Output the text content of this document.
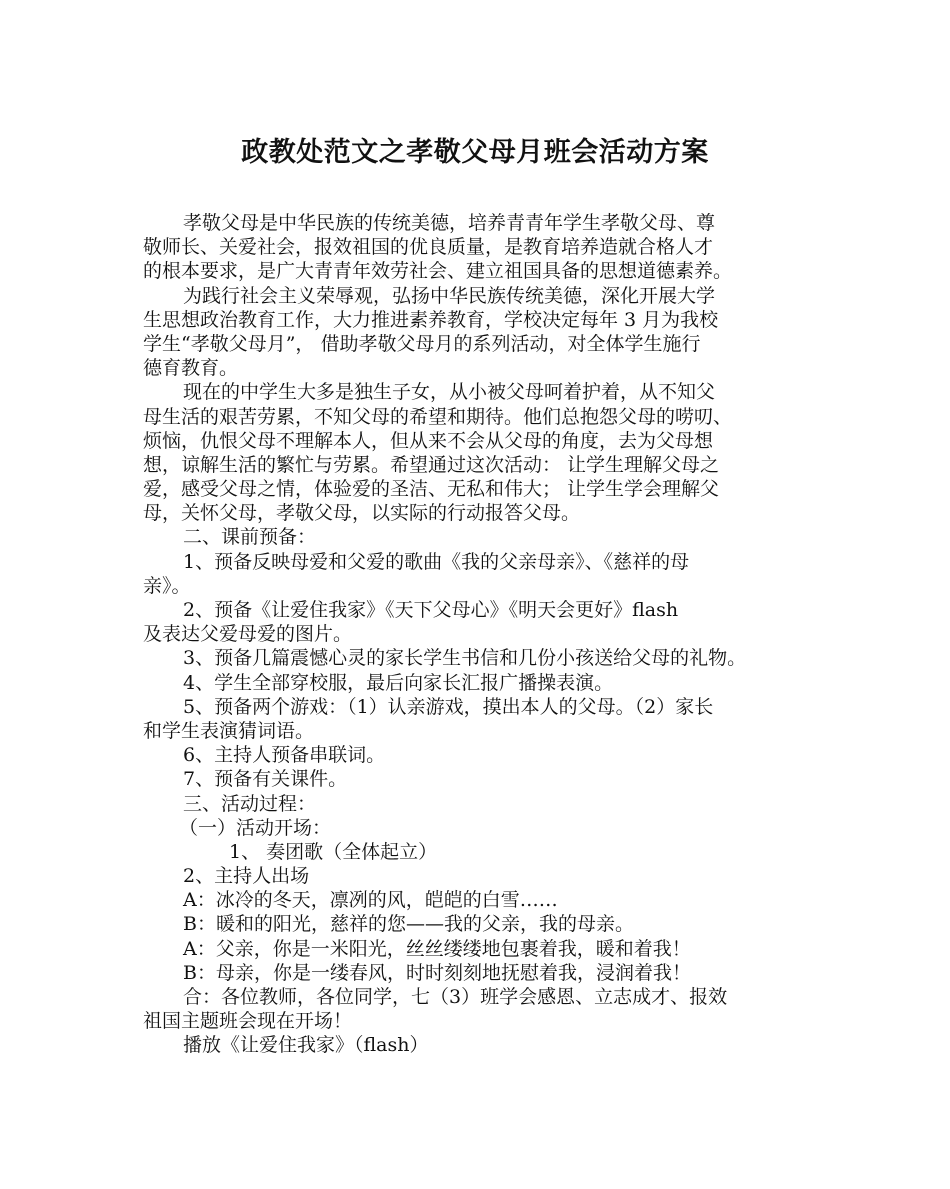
政教处范文之孝敬父母月班会活动方案
孝敬父母是中华民族的传统美德，培养青青年学生孝敬父母、尊
敬师长、关爱社会，报效祖国的优良质量，是教育培养造就合格人才
的根本要求，是广大青青年效劳社会、建立祖国具备的思想道德素养。
为践行社会主义荣辱观，弘扬中华民族传统美德，深化开展大学
生思想政治教育工作，大力推进素养教育，学校决定每年 3 月为我校
学生“孝敬父母月”， 借助孝敬父母月的系列活动，对全体学生施行
德育教育。
现在的中学生大多是独生子女，从小被父母呵着护着，从不知父
母生活的艰苦劳累，不知父母的希望和期待。他们总抱怨父母的唠叨、
烦恼，仇恨父母不理解本人，但从来不会从父母的角度，去为父母想
想，谅解生活的繁忙与劳累。希望通过这次活动： 让学生理解父母之
爱，感受父母之情，体验爱的圣洁、无私和伟大； 让学生学会理解父
母，关怀父母，孝敬父母，以实际的行动报答父母。
二、课前预备：
1、预备反映母爱和父爱的歌曲《我的父亲母亲》、《慈祥的母
亲》。
2、预备《让爱住我家》《天下父母心》《明天会更好》flash
及表达父爱母爱的图片。
3、预备几篇震憾心灵的家长学生书信和几份小孩送给父母的礼物。
4、学生全部穿校服，最后向家长汇报广播操表演。
5、预备两个游戏：（1）认亲游戏，摸出本人的父母。（2）家长
和学生表演猜词语。
6、主持人预备串联词。
7、预备有关课件。
三、活动过程：
（一）活动开场：
1、 奏团歌（全体起立）
2、主持人出场
A：冰冷的冬天，凛冽的风，皑皑的白雪……
B：暖和的阳光，慈祥的您——我的父亲，我的母亲。
A：父亲，你是一米阳光，丝丝缕缕地包裹着我，暖和着我！
B：母亲，你是一缕春风，时时刻刻地抚慰着我，浸润着我！
合：各位教师，各位同学，七（3）班学会感恩、立志成才、报效
祖国主题班会现在开场！
播放《让爱住我家》（flash）
